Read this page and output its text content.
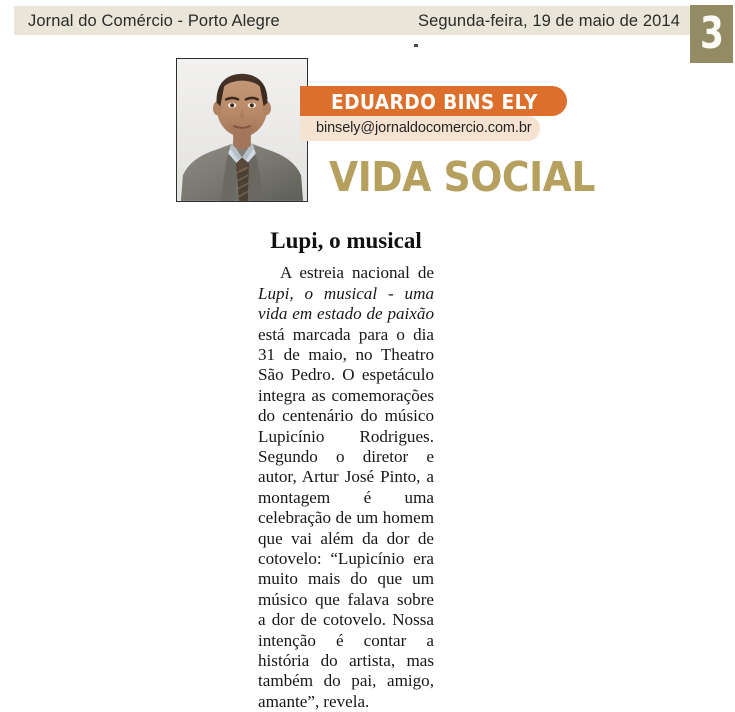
Jornal do Comércio - Porto Alegre	Segunda-feira, 19 de maio de 2014 3
EDUARDO BINS ELY
binsely@jornaldocomercio.com.br
VIDA SOCIAL
Lupi, o musical

A estreia nacional de Lupi, o musical - uma vida em estado de paixão está marcada para o dia 31 de maio, no Theatro São Pedro. O espetáculo integra as comemorações do centenário do músico Lupicínio Rodrigues. Segundo o diretor e autor, Artur José Pinto, a montagem é uma celebração de um homem que vai além da dor de cotovelo: “Lupicínio era muito mais do que um músico que falava sobre a dor de cotovelo. Nossa intenção é contar a história do artista, mas também do pai, amigo, amante”, revela.
